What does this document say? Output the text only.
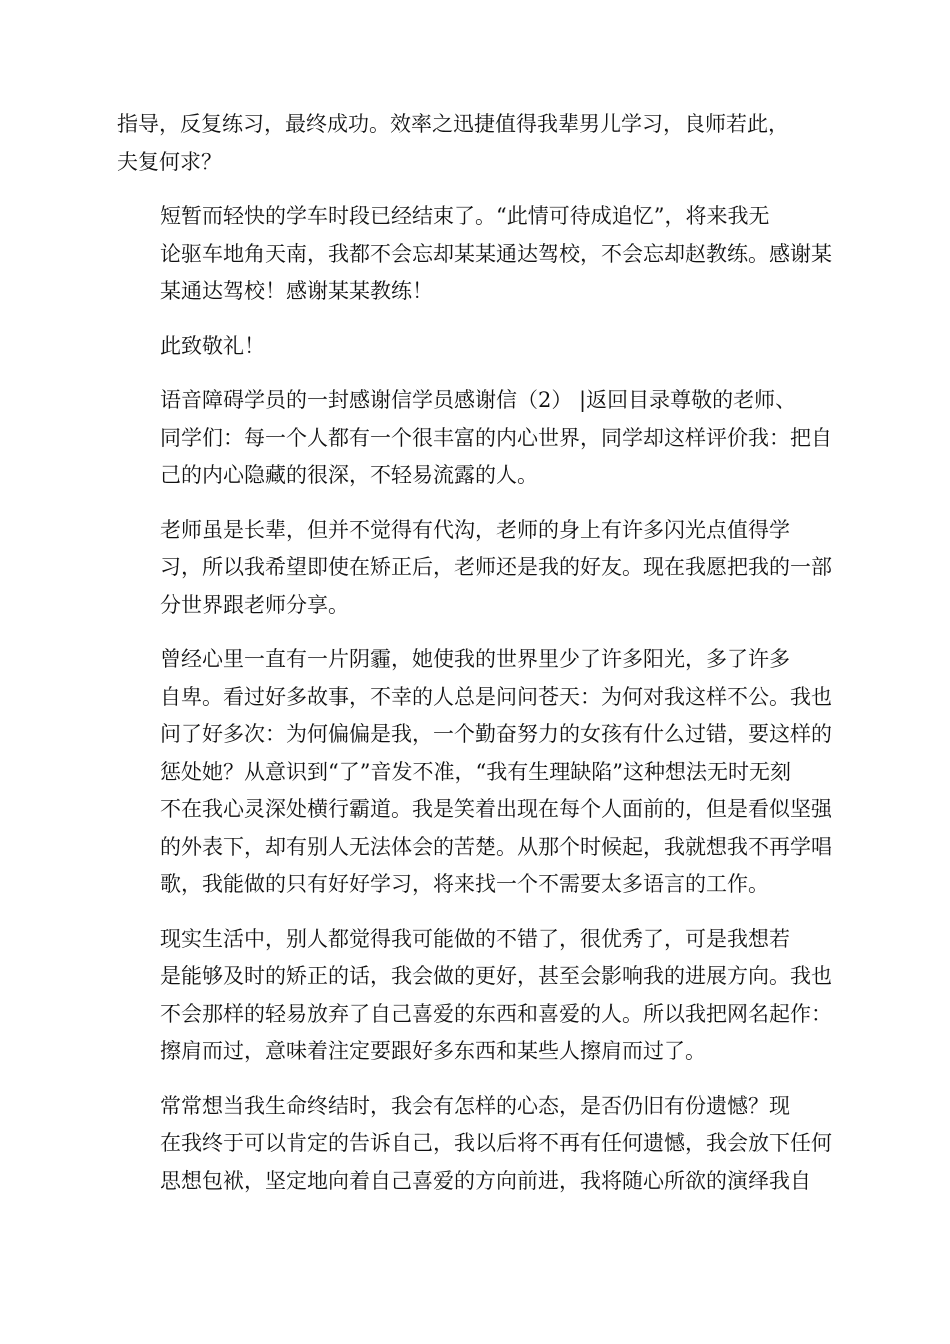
指导，反复练习，最终成功。效率之迅捷值得我辈男儿学习，良师若此，
夫复何求？

短暂而轻快的学车时段已经结束了。“此情可待成追忆”，将来我无
论驱车地角天南，我都不会忘却某某通达驾校，不会忘却赵教练。感谢某
某通达驾校！感谢某某教练！

此致敬礼！

语音障碍学员的一封感谢信学员感谢信（2） |返回目录尊敬的老师、
同学们：每一个人都有一个很丰富的内心世界，同学却这样评价我：把自
己的内心隐藏的很深，不轻易流露的人。

老师虽是长辈，但并不觉得有代沟，老师的身上有许多闪光点值得学
习，所以我希望即使在矫正后，老师还是我的好友。现在我愿把我的一部
分世界跟老师分享。

曾经心里一直有一片阴霾，她使我的世界里少了许多阳光，多了许多
自卑。看过好多故事，不幸的人总是问问苍天：为何对我这样不公。我也
问了好多次：为何偏偏是我，一个勤奋努力的女孩有什么过错，要这样的
惩处她？从意识到“了”音发不准，“我有生理缺陷”这种想法无时无刻
不在我心灵深处横行霸道。我是笑着出现在每个人面前的，但是看似坚强
的外表下，却有别人无法体会的苦楚。从那个时候起，我就想我不再学唱
歌，我能做的只有好好学习，将来找一个不需要太多语言的工作。

现实生活中，别人都觉得我可能做的不错了，很优秀了，可是我想若
是能够及时的矫正的话，我会做的更好，甚至会影响我的进展方向。我也
不会那样的轻易放弃了自己喜爱的东西和喜爱的人。所以我把网名起作：
擦肩而过，意味着注定要跟好多东西和某些人擦肩而过了。

常常想当我生命终结时，我会有怎样的心态，是否仍旧有份遗憾？现
在我终于可以肯定的告诉自己，我以后将不再有任何遗憾，我会放下任何
思想包袱，坚定地向着自己喜爱的方向前进，我将随心所欲的演绎我自
